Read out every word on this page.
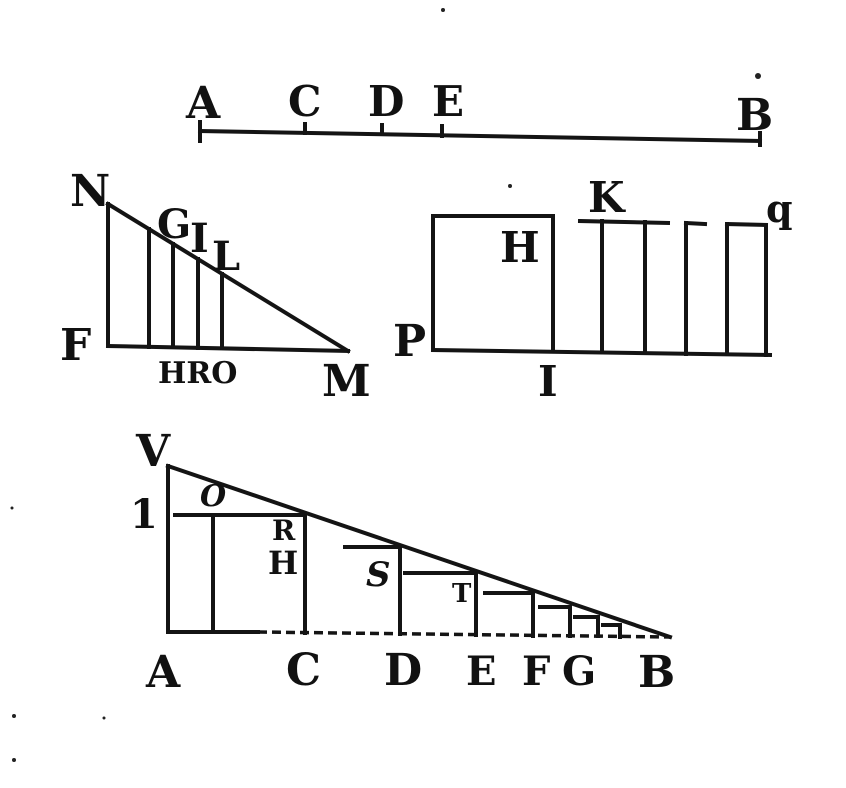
A C D E	B
N
G
I L
F
HRO M
K	q
H
P
I
V
1 O
R
H S T
A C D E F G B
